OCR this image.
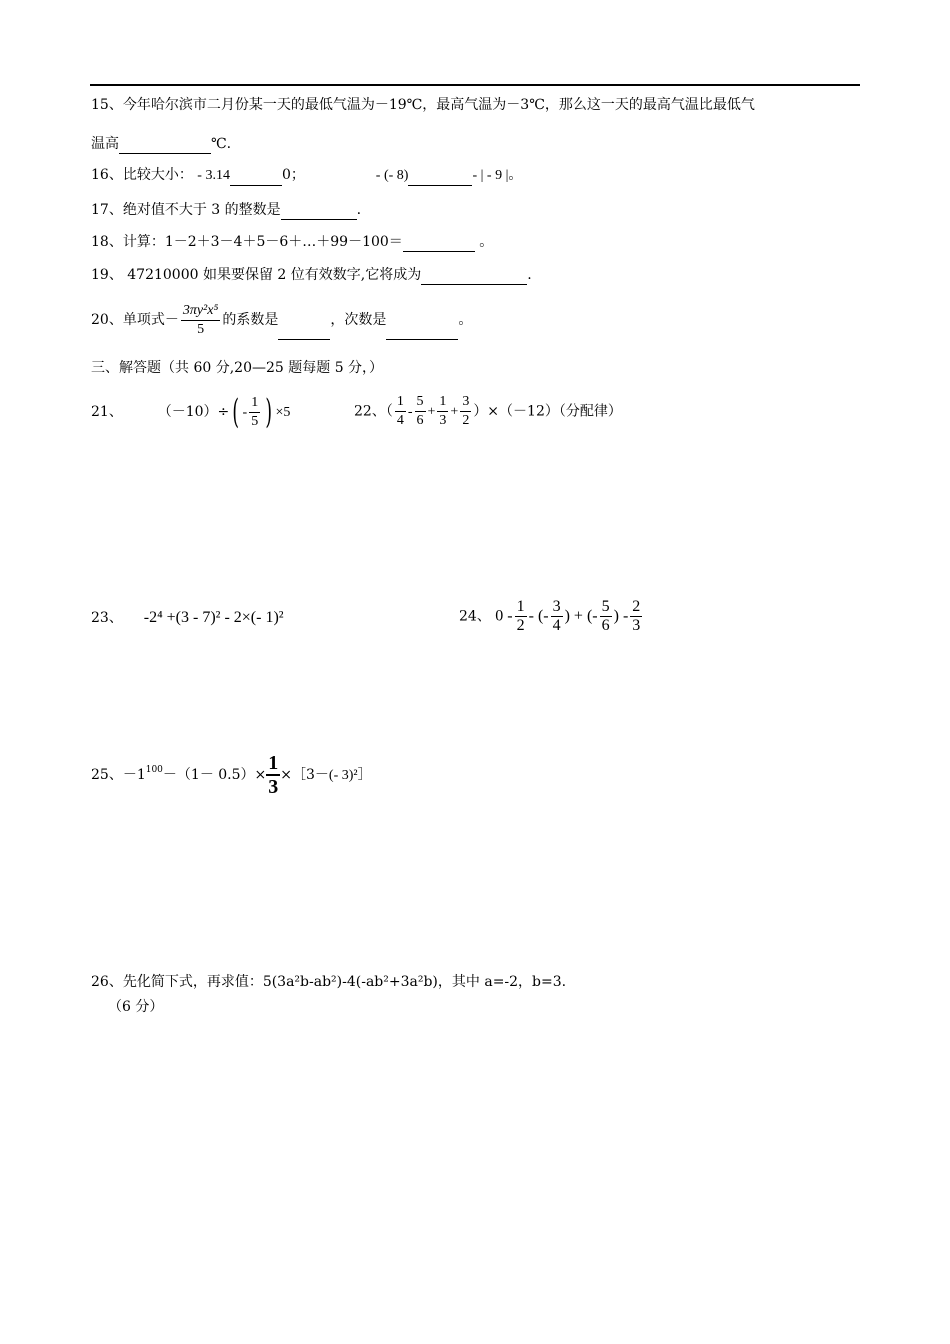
15、今年哈尔滨市二月份某一天的最低气温为－19℃，最高气温为－3℃，那么这一天的最高气温比最低气
温高	℃.
16、比较大小： - 3.14	0；	- (- 8)	- | - 9 |。
17、绝对值不大于 3 的整数是	.
18、计算：1－2＋3－4＋5－6＋…＋99－100＝	。
19、 47210000 如果要保留 2 位有效数字,它将成为	.
20、单项式－ $\frac{\text{3πy²x⁵}}{5}$ 的系数是	，次数是	。
三、解答题（共 60 分,20—25 题每题 5 分，）
21、 $(-10)\div( - \frac{1}{5}$ ) ×5	22、（ $\frac{1}{4} - \frac{5}{6} + \frac{1}{3} + \frac{3}{2} )\times(-12)$（分配律）
23、 -2⁴ +(3 - 7)² - 2×(- 1)²	24、 $0 - \frac{1}{2}$ - (- $\frac{3}{4}$ ) + (- $\frac{5}{6}$ ) - $\frac{2}{3}$
25、$-1^{100}-(1- 0.5)\times \frac{1}{3}$ ×［3－(- 3)²］
26、先化简下式，再求值：5(3a²b-ab²)-4(-ab²+3a²b)，其中 a=-2，b=3.
（6 分）
